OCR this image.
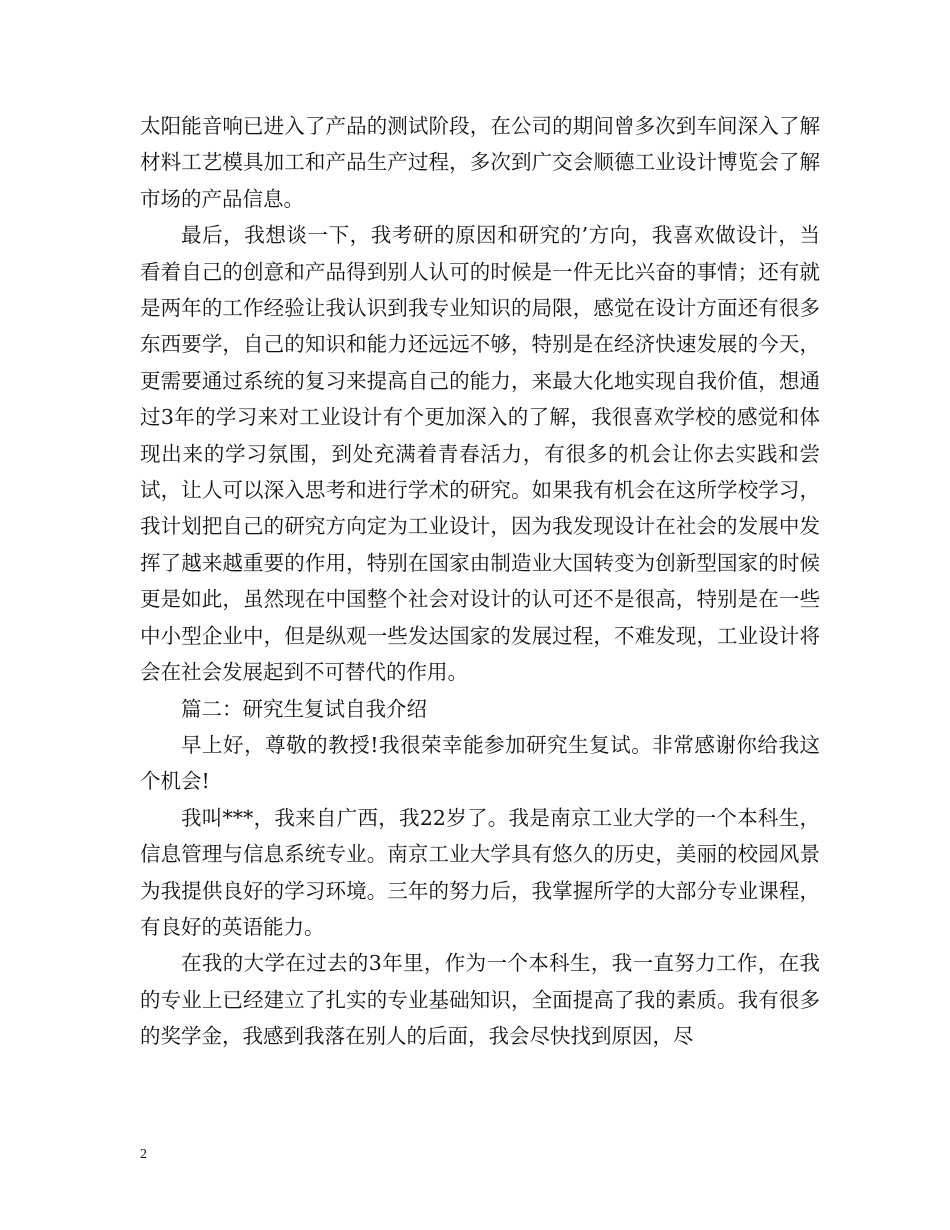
太阳能音响已进入了产品的测试阶段，在公司的期间曾多次到车间深入了解材料工艺模具加工和产品生产过程，多次到广交会顺德工业设计博览会了解市场的产品信息。

最后，我想谈一下，我考研的原因和研究的’方向，我喜欢做设计，当看着自己的创意和产品得到别人认可的时候是一件无比兴奋的事情；还有就是两年的工作经验让我认识到我专业知识的局限，感觉在设计方面还有很多东西要学，自己的知识和能力还远远不够，特别是在经济快速发展的今天，更需要通过系统的复习来提高自己的能力，来最大化地实现自我价值，想通过3年的学习来对工业设计有个更加深入的了解，我很喜欢学校的感觉和体现出来的学习氛围，到处充满着青春活力，有很多的机会让你去实践和尝试，让人可以深入思考和进行学术的研究。如果我有机会在这所学校学习，我计划把自己的研究方向定为工业设计，因为我发现设计在社会的发展中发挥了越来越重要的作用，特别在国家由制造业大国转变为创新型国家的时候更是如此，虽然现在中国整个社会对设计的认可还不是很高，特别是在一些中小型企业中，但是纵观一些发达国家的发展过程，不难发现，工业设计将会在社会发展起到不可替代的作用。

篇二：研究生复试自我介绍

早上好，尊敬的教授!我很荣幸能参加研究生复试。非常感谢你给我这个机会!

我叫***，我来自广西，我22岁了。我是南京工业大学的一个本科生，信息管理与信息系统专业。南京工业大学具有悠久的历史，美丽的校园风景为我提供良好的学习环境。三年的努力后，我掌握所学的大部分专业课程，有良好的英语能力。

在我的大学在过去的3年里，作为一个本科生，我一直努力工作，在我的专业上已经建立了扎实的专业基础知识，全面提高了我的素质。我有很多的奖学金，我感到我落在别人的后面，我会尽快找到原因，尽

2
